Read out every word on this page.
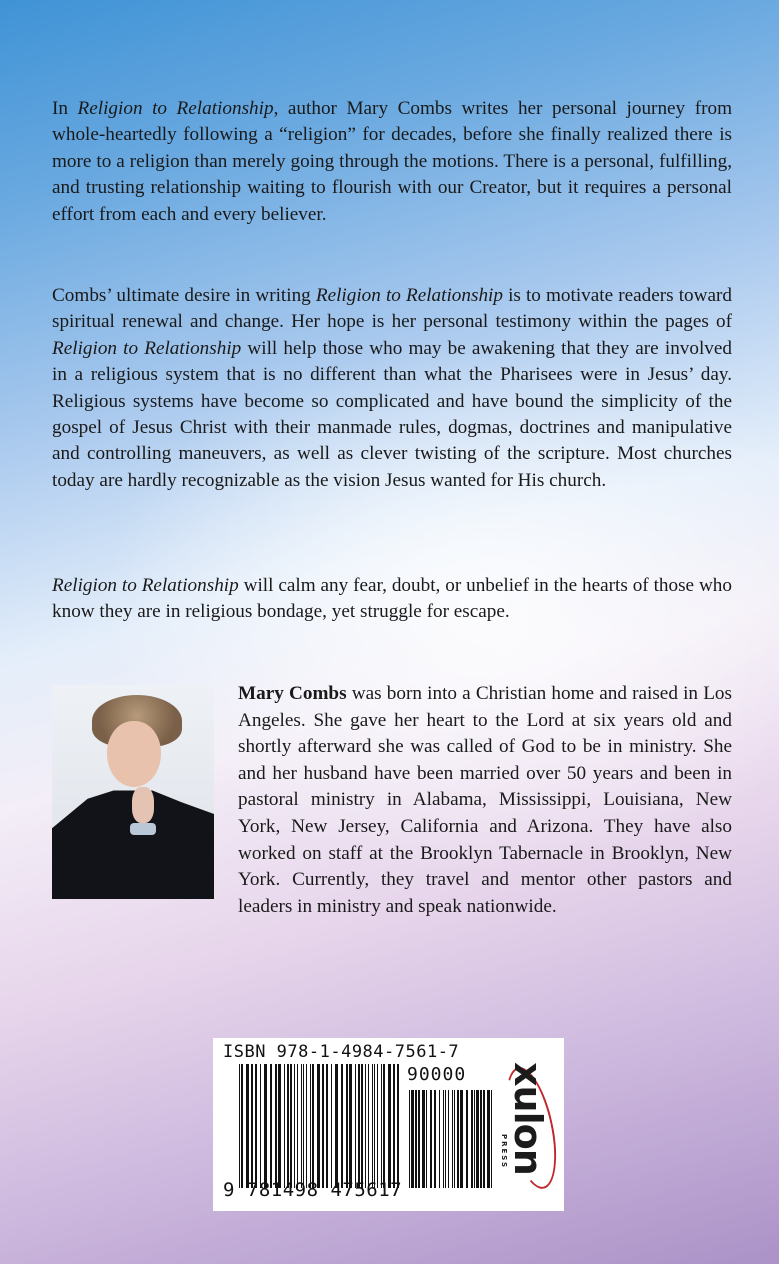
In Religion to Relationship, author Mary Combs writes her personal journey from whole-heartedly following a “religion” for decades, before she finally realized there is more to a religion than merely going through the motions. There is a personal, fulfilling, and trusting relationship waiting to flourish with our Creator, but it requires a personal effort from each and every believer.

Combs’ ultimate desire in writing Religion to Relationship is to motivate readers toward spiritual renewal and change. Her hope is her personal testimony within the pages of Religion to Relationship will help those who may be awakening that they are involved in a religious system that is no different than what the Pharisees were in Jesus’ day. Religious systems have become so complicated and have bound the simplicity of the gospel of Jesus Christ with their manmade rules, dogmas, doctrines and manipulative and controlling maneuvers, as well as clever twisting of the scripture. Most churches today are hardly recognizable as the vision Jesus wanted for His church.

Religion to Relationship will calm any fear, doubt, or unbelief in the hearts of those who know they are in religious bondage, yet struggle for escape.

Mary Combs was born into a Christian home and raised in Los Angeles. She gave her heart to the Lord at six years old and shortly afterward she was called of God to be in ministry. She and her husband have been married over 50 years and been in pastoral ministry in Alabama, Mississippi, Louisiana, New York, New Jersey, California and Arizona. They have also worked on staff at the Brooklyn Tabernacle in Brooklyn, New York. Currently, they travel and mentor other pastors and leaders in ministry and speak nationwide.

ISBN 978-1-4984-7561-7
90000
9 781498 475617
xulon
PRESS
